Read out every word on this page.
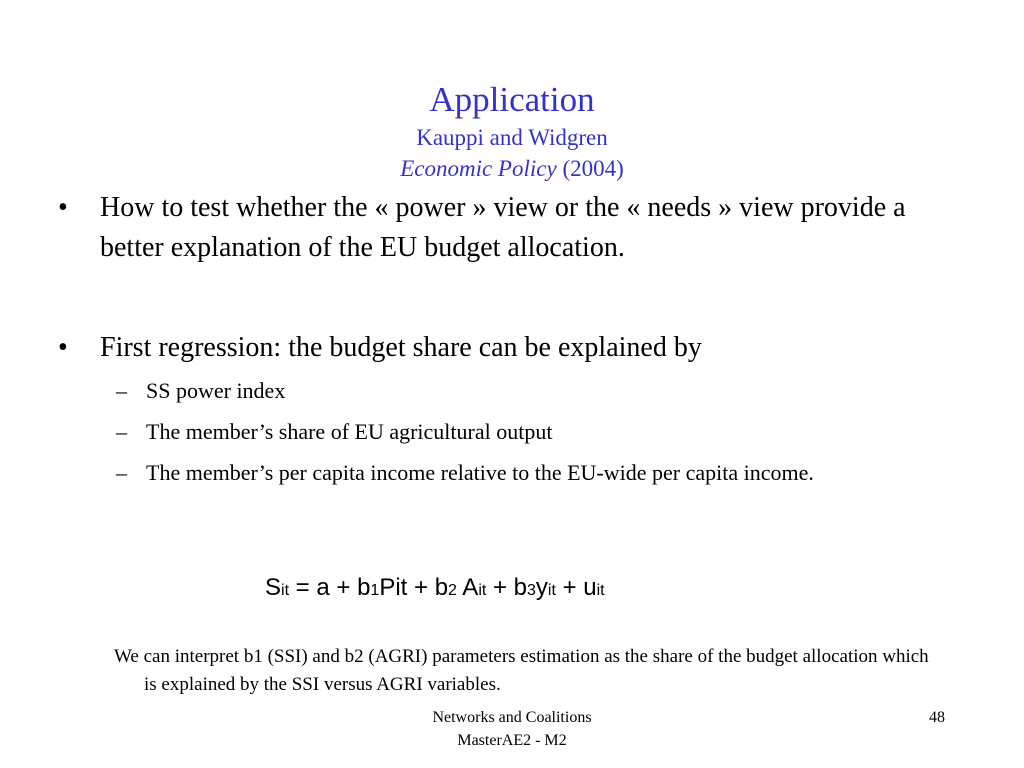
Application
Kauppi and Widgren
Economic Policy (2004)
• How to test whether the « power » view or the « needs » view provide a better explanation of the EU budget allocation.
• First regression: the budget share can be explained by
– SS power index
– The member’s share of EU agricultural output
– The member’s per capita income relative to the EU-wide per capita income.
Sit = a + b1Pit + b2 Ait + b3yit + uit
We can interpret b1 (SSI) and b2 (AGRI) parameters estimation as the share of the budget allocation which is explained by the SSI versus AGRI variables.
Networks and Coalitions
MasterAE2 - M2
48
